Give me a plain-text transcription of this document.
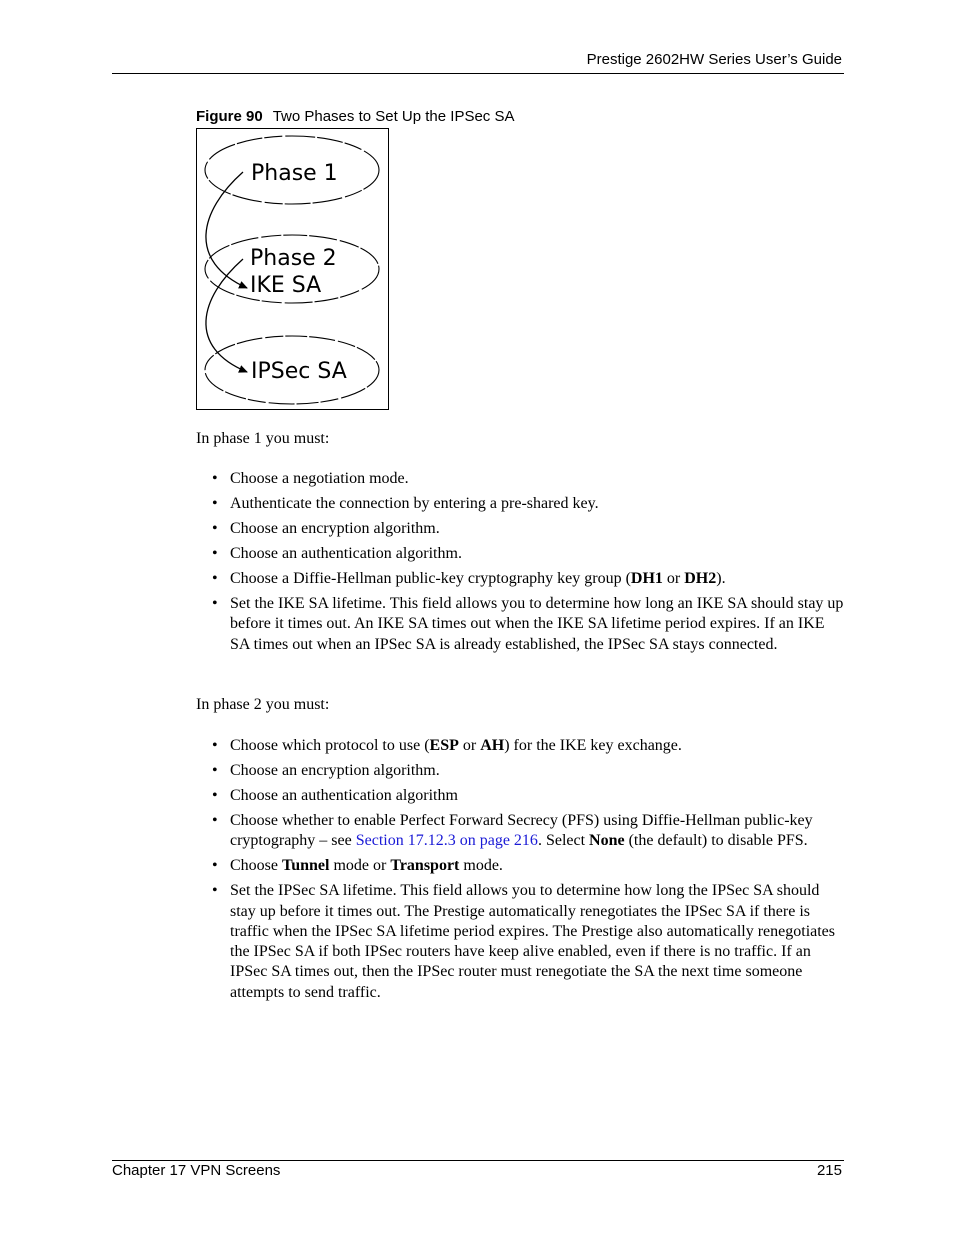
Prestige 2602HW Series User’s Guide
Figure 90 Two Phases to Set Up the IPSec SA
Phase 1
Phase 2
IKE SA
IPSec SA
In phase 1 you must:
• Choose a negotiation mode.
• Authenticate the connection by entering a pre-shared key.
• Choose an encryption algorithm.
• Choose an authentication algorithm.
• Choose a Diffie-Hellman public-key cryptography key group (DH1 or DH2).
• Set the IKE SA lifetime. This field allows you to determine how long an IKE SA should stay up before it times out. An IKE SA times out when the IKE SA lifetime period expires. If an IKE SA times out when an IPSec SA is already established, the IPSec SA stays connected.
In phase 2 you must:
• Choose which protocol to use (ESP or AH) for the IKE key exchange.
• Choose an encryption algorithm.
• Choose an authentication algorithm
• Choose whether to enable Perfect Forward Secrecy (PFS) using Diffie-Hellman public-key cryptography – see Section 17.12.3 on page 216. Select None (the default) to disable PFS.
• Choose Tunnel mode or Transport mode.
• Set the IPSec SA lifetime. This field allows you to determine how long the IPSec SA should stay up before it times out. The Prestige automatically renegotiates the IPSec SA if there is traffic when the IPSec SA lifetime period expires. The Prestige also automatically renegotiates the IPSec SA if both IPSec routers have keep alive enabled, even if there is no traffic. If an IPSec SA times out, then the IPSec router must renegotiate the SA the next time someone attempts to send traffic.
Chapter 17 VPN Screens	215
